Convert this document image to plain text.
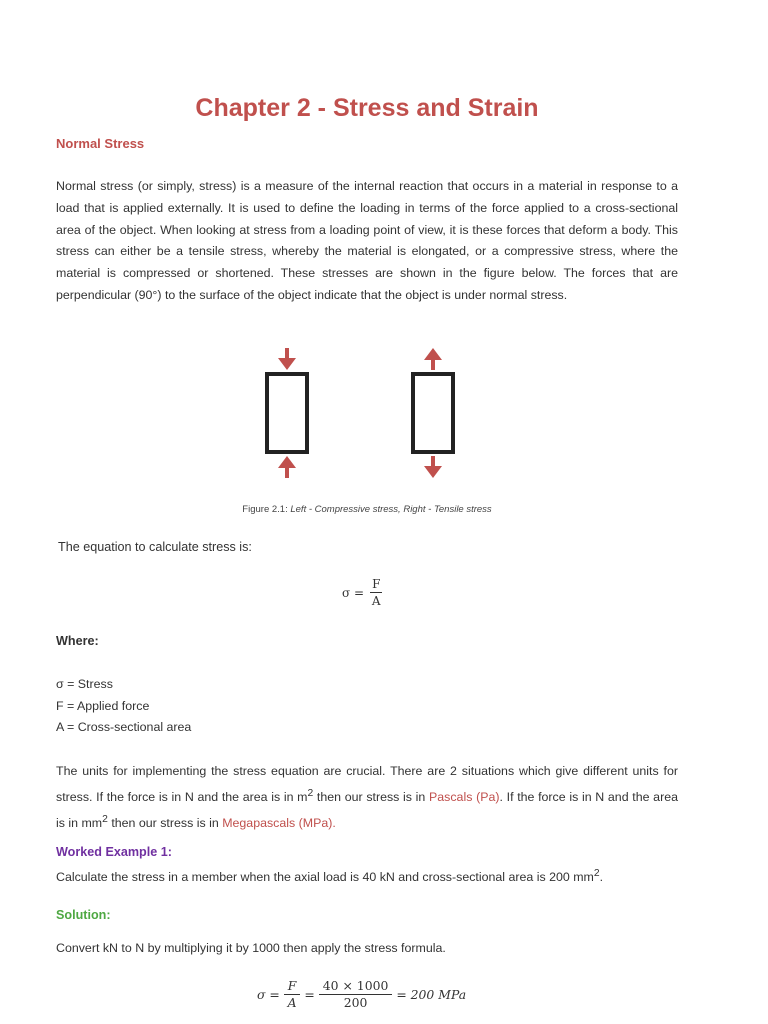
Chapter 2 - Stress and Strain
Normal Stress

Normal stress (or simply, stress) is a measure of the internal reaction that occurs in a material in response to a load that is applied externally. It is used to define the loading in terms of the force applied to a cross-sectional area of the object. When looking at stress from a loading point of view, it is these forces that deform a body. This stress can either be a tensile stress, whereby the material is elongated, or a compressive stress, where the material is compressed or shortened. These stresses are shown in the figure below. The forces that are perpendicular (90°) to the surface of the object indicate that the object is under normal stress.

Figure 2.1: Left - Compressive stress, Right - Tensile stress

The equation to calculate stress is:

$\sigma = \frac{F}{A}$

Where:

σ = Stress
F = Applied force
A = Cross-sectional area

The units for implementing the stress equation are crucial. There are 2 situations which give different units for stress. If the force is in N and the area is in $m^2$ then our stress is in Pascals (Pa). If the force is in N and the area is in $mm^2$ then our stress is in Megapascals (MPa).

Worked Example 1:

Calculate the stress in a member when the axial load is 40 kN and cross-sectional area is 200 $mm^2$.

Solution:

Convert kN to N by multiplying it by 1000 then apply the stress formula.

$\sigma = \frac{F}{A} = \frac{40 \times 1000}{200} = 200$ MPa
